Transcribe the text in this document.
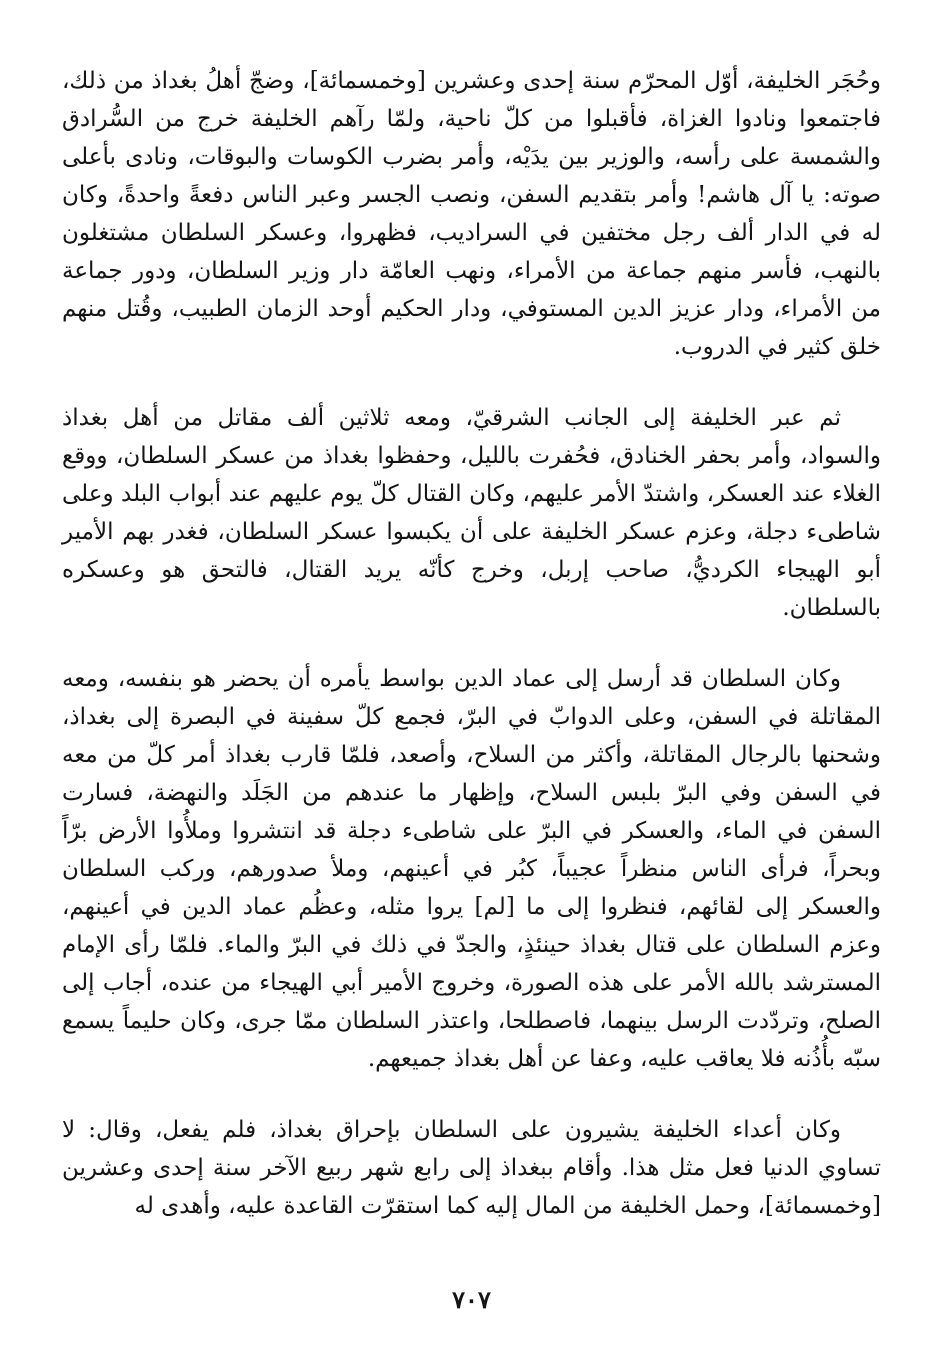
وحُجَر الخليفة، أوّل المحرّم سنة إحدى وعشرين [وخمسمائة]، وضجّ أهلُ بغداذ من ذلك، فاجتمعوا ونادوا الغزاة، فأقبلوا من كلّ ناحية، ولمّا رآهم الخليفة خرج من السُّرادق والشمسة على رأسه، والوزير بين يدَيْه، وأمر بضرب الكوسات والبوقات، ونادى بأعلى صوته: يا آل هاشم! وأمر بتقديم السفن، ونصب الجسر وعبر الناس دفعةً واحدةً، وكان له في الدار ألف رجل مختفين في السراديب، فظهروا، وعسكر السلطان مشتغلون بالنهب، فأسر منهم جماعة من الأمراء، ونهب العامّة دار وزير السلطان، ودور جماعة من الأمراء، ودار عزيز الدين المستوفي، ودار الحكيم أوحد الزمان الطبيب، وقُتل منهم خلق كثير في الدروب.

ثم عبر الخليفة إلى الجانب الشرقيّ، ومعه ثلاثين ألف مقاتل من أهل بغداذ والسواد، وأمر بحفر الخنادق، فحُفرت بالليل، وحفظوا بغداذ من عسكر السلطان، ووقع الغلاء عند العسكر، واشتدّ الأمر عليهم، وكان القتال كلّ يوم عليهم عند أبواب البلد وعلى شاطىء دجلة، وعزم عسكر الخليفة على أن يكبسوا عسكر السلطان، فغدر بهم الأمير أبو الهيجاء الكرديُّ، صاحب إربل، وخرج كأنّه يريد القتال، فالتحق هو وعسكره بالسلطان.

وكان السلطان قد أرسل إلى عماد الدين بواسط يأمره أن يحضر هو بنفسه، ومعه المقاتلة في السفن، وعلى الدوابّ في البرّ، فجمع كلّ سفينة في البصرة إلى بغداذ، وشحنها بالرجال المقاتلة، وأكثر من السلاح، وأصعد، فلمّا قارب بغداذ أمر كلّ من معه في السفن وفي البرّ بلبس السلاح، وإظهار ما عندهم من الجَلَد والنهضة، فسارت السفن في الماء، والعسكر في البرّ على شاطىء دجلة قد انتشروا وملأُوا الأرض برّاً وبحراً، فرأى الناس منظراً عجيباً، كبُر في أعينهم، وملأ صدورهم، وركب السلطان والعسكر إلى لقائهم، فنظروا إلى ما [لم] يروا مثله، وعظُم عماد الدين في أعينهم، وعزم السلطان على قتال بغداذ حينئذٍ، والجدّ في ذلك في البرّ والماء. فلمّا رأى الإمام المسترشد بالله الأمر على هذه الصورة، وخروج الأمير أبي الهيجاء من عنده، أجاب إلى الصلح، وتردّدت الرسل بينهما، فاصطلحا، واعتذر السلطان ممّا جرى، وكان حليماً يسمع سبّه بأُذُنه فلا يعاقب عليه، وعفا عن أهل بغداذ جميعهم.

وكان أعداء الخليفة يشيرون على السلطان بإحراق بغداذ، فلم يفعل، وقال: لا تساوي الدنيا فعل مثل هذا. وأقام ببغداذ إلى رابع شهر ربيع الآخر سنة إحدى وعشرين [وخمسمائة]، وحمل الخليفة من المال إليه كما استقرّت القاعدة عليه، وأهدى له

٧٠٧
